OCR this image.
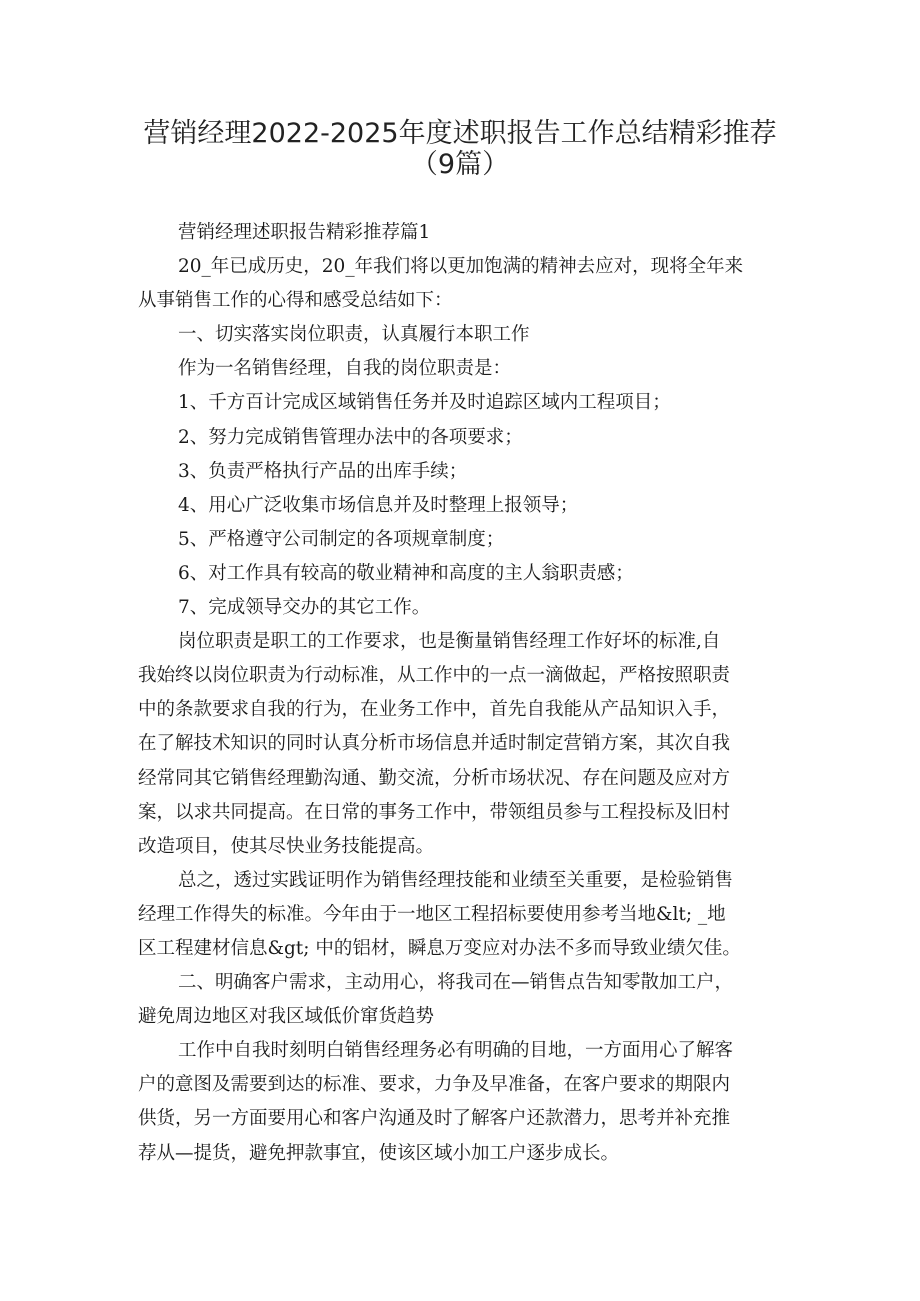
营销经理2022-2025年度述职报告工作总结精彩推荐
（9篇）
营销经理述职报告精彩推荐篇1
20_年已成历史，20_年我们将以更加饱满的精神去应对，现将全年来
从事销售工作的心得和感受总结如下：
一、切实落实岗位职责，认真履行本职工作
作为一名销售经理，自我的岗位职责是：
1、千方百计完成区域销售任务并及时追踪区域内工程项目；
2、努力完成销售管理办法中的各项要求；
3、负责严格执行产品的出库手续；
4、用心广泛收集市场信息并及时整理上报领导；
5、严格遵守公司制定的各项规章制度；
6、对工作具有较高的敬业精神和高度的主人翁职责感；
7、完成领导交办的其它工作。
岗位职责是职工的工作要求，也是衡量销售经理工作好坏的标准,自
我始终以岗位职责为行动标准，从工作中的一点一滴做起，严格按照职责
中的条款要求自我的行为，在业务工作中，首先自我能从产品知识入手，
在了解技术知识的同时认真分析市场信息并适时制定营销方案，其次自我
经常同其它销售经理勤沟通、勤交流，分析市场状况、存在问题及应对方
案，以求共同提高。在日常的事务工作中，带领组员参与工程投标及旧村
改造项目，使其尽快业务技能提高。
总之，透过实践证明作为销售经理技能和业绩至关重要，是检验销售
经理工作得失的标准。今年由于一地区工程招标要使用参考当地&lt; _地
区工程建材信息&gt; 中的铝材，瞬息万变应对办法不多而导致业绩欠佳。
二、明确客户需求，主动用心，将我司在—销售点告知零散加工户，
避免周边地区对我区域低价窜货趋势
工作中自我时刻明白销售经理务必有明确的目地，一方面用心了解客
户的意图及需要到达的标准、要求，力争及早准备，在客户要求的期限内
供货，另一方面要用心和客户沟通及时了解客户还款潜力，思考并补充推
荐从—提货，避免押款事宜，使该区域小加工户逐步成长。
